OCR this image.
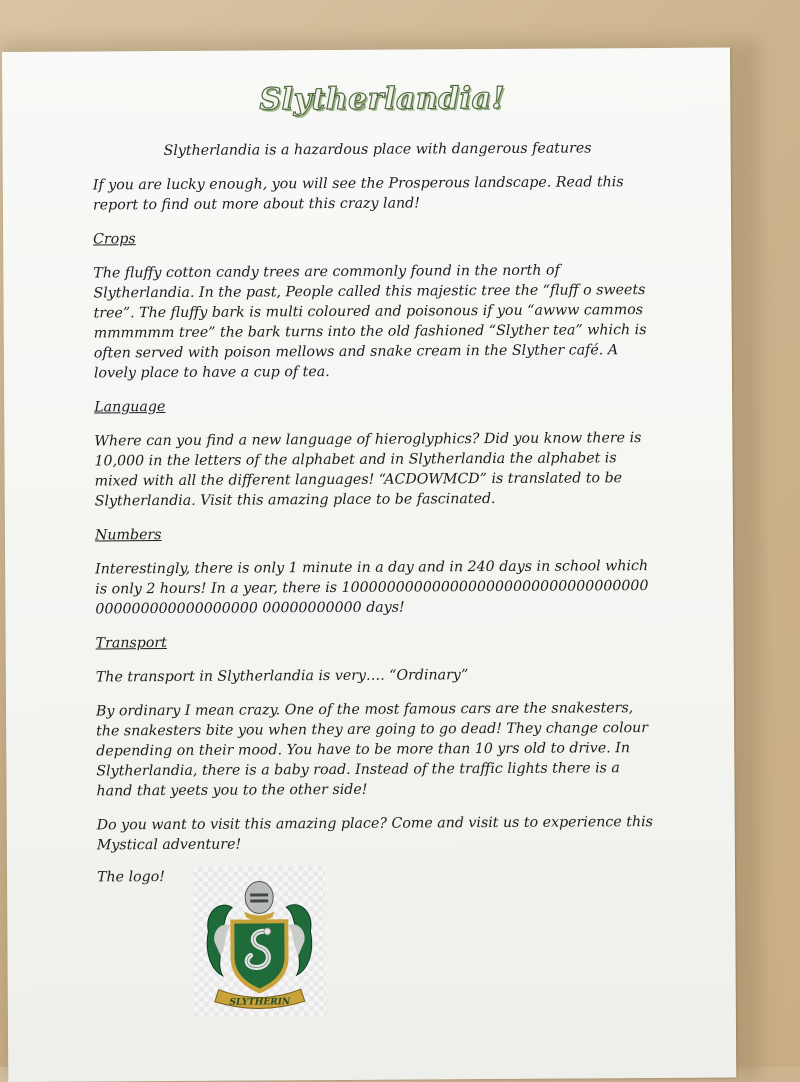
Slytherlandia!

Slytherlandia is a hazardous place with dangerous features

If you are lucky enough, you will see the Prosperous landscape. Read this report to find out more about this crazy land!

Crops

The fluffy cotton candy trees are commonly found in the north of Slytherlandia. In the past, People called this majestic tree the “fluff o sweets tree”. The fluffy bark is multi coloured and poisonous if you “awww cammos mmmmmm tree” the bark turns into the old fashioned “Slyther tea” which is often served with poison mellows and snake cream in the Slyther café. A lovely place to have a cup of tea.

Language

Where can you find a new language of hieroglyphics? Did you know there is 10,000 in the letters of the alphabet and in Slytherlandia the alphabet is mixed with all the different languages! “ACDOWMCD” is translated to be Slytherlandia. Visit this amazing place to be fascinated.

Numbers

Interestingly, there is only 1 minute in a day and in 240 days in school which is only 2 hours! In a year, there is 1000000000000000000000000000000000000000000000000000 00000000000 days!

Transport

The transport in Slytherlandia is very…. “Ordinary”

By ordinary I mean crazy. One of the most famous cars are the snakesters, the snakesters bite you when they are going to go dead! They change colour depending on their mood. You have to be more than 10 yrs old to drive. In Slytherlandia, there is a baby road. Instead of the traffic lights there is a hand that yeets you to the other side!

Do you want to visit this amazing place? Come and visit us to experience this Mystical adventure!

The logo!
SLYTHERIN
